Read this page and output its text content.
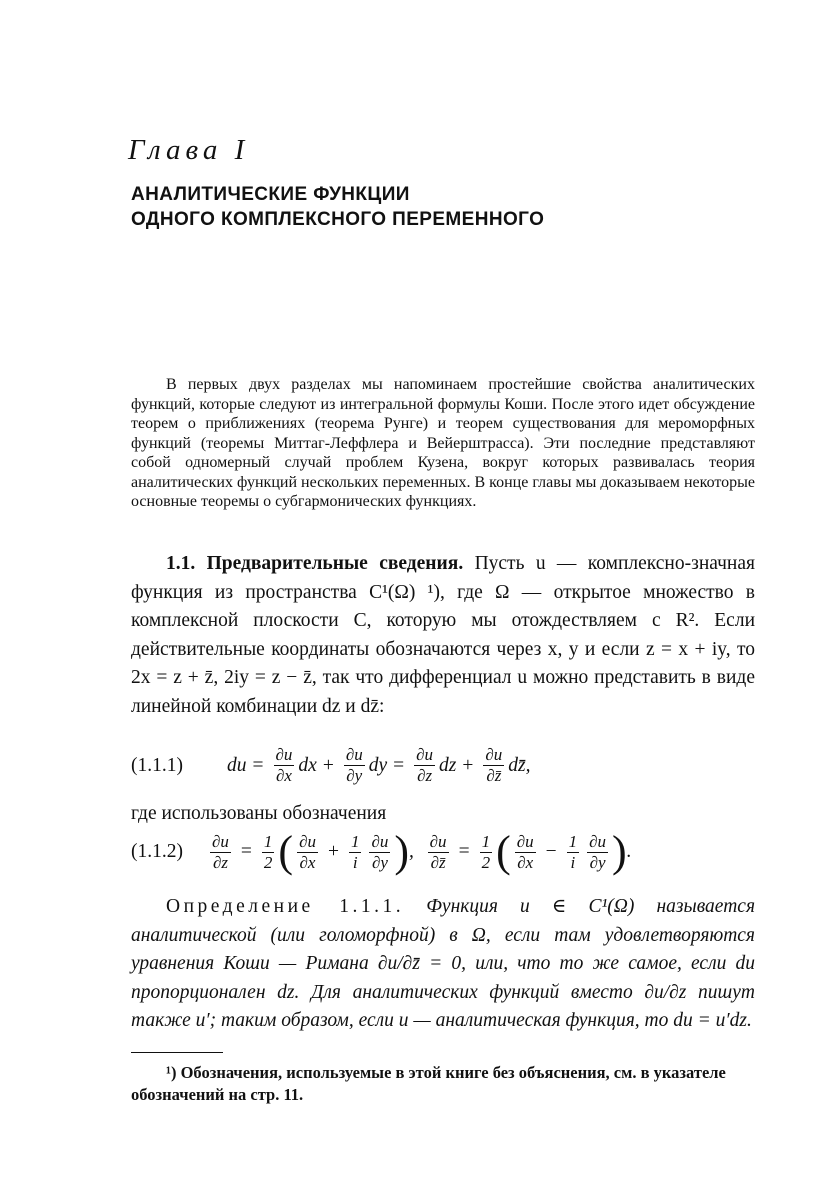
Глава I
АНАЛИТИЧЕСКИЕ ФУНКЦИИ
ОДНОГО КОМПЛЕКСНОГО ПЕРЕМЕННОГО
В первых двух разделах мы напоминаем простейшие свойства аналитических функций, которые следуют из интегральной формулы Коши. После этого идет обсуждение теорем о приближениях (теорема Рунге) и теорем существования для мероморфных функций (теоремы Миттаг-Леффлера и Вейерштрасса). Эти последние представляют собой одномерный случай проблем Кузена, вокруг которых развивалась теория аналитических функций нескольких переменных. В конце главы мы доказываем некоторые основные теоремы о субгармонических функциях.
1.1. Предварительные сведения. Пусть u — комплексно-значная функция из пространства C¹(Ω) ¹), где Ω — открытое множество в комплексной плоскости C, которую мы отождествляем с R². Если действительные координаты обозначаются через x, y и если z = x + iy, то 2x = z + z̄, 2iy = z − z̄, так что дифференциал u можно представить в виде линейной комбинации dz и dz̄:
(1.1.1)	du = $\frac{\partial u}{\partial x}$ dx + $\frac{\partial u}{\partial y}$ dy = $\frac{\partial u}{\partial z}$ dz + $\frac{\partial u}{\partial z̄}$ dz̄,
где использованы обозначения
(1.1.2)	$\frac{\partial u}{\partial z} = \frac{1}{2}$ ( $\frac{\partial u}{\partial x} + \frac{1}{i} \frac{\partial u}{\partial y}$ ) , $\frac{\partial u}{\partial z̄} = \frac{1}{2}$ ( $\frac{\partial u}{\partial x} - \frac{1}{i} \frac{\partial u}{\partial y}$ ) .
Определение 1.1.1. Функция u ∈ C¹(Ω) называется аналитической (или голоморфной) в Ω, если там удовлетворяются уравнения Коши — Римана ∂u/∂z̄ = 0, или, что то же самое, если du пропорционален dz. Для аналитических функций вместо ∂u/∂z пишут также u′; таким образом, если u — аналитическая функция, то du = u′dz.
¹) Обозначения, используемые в этой книге без объяснения, см. в указателе обозначений на стр. 11.
